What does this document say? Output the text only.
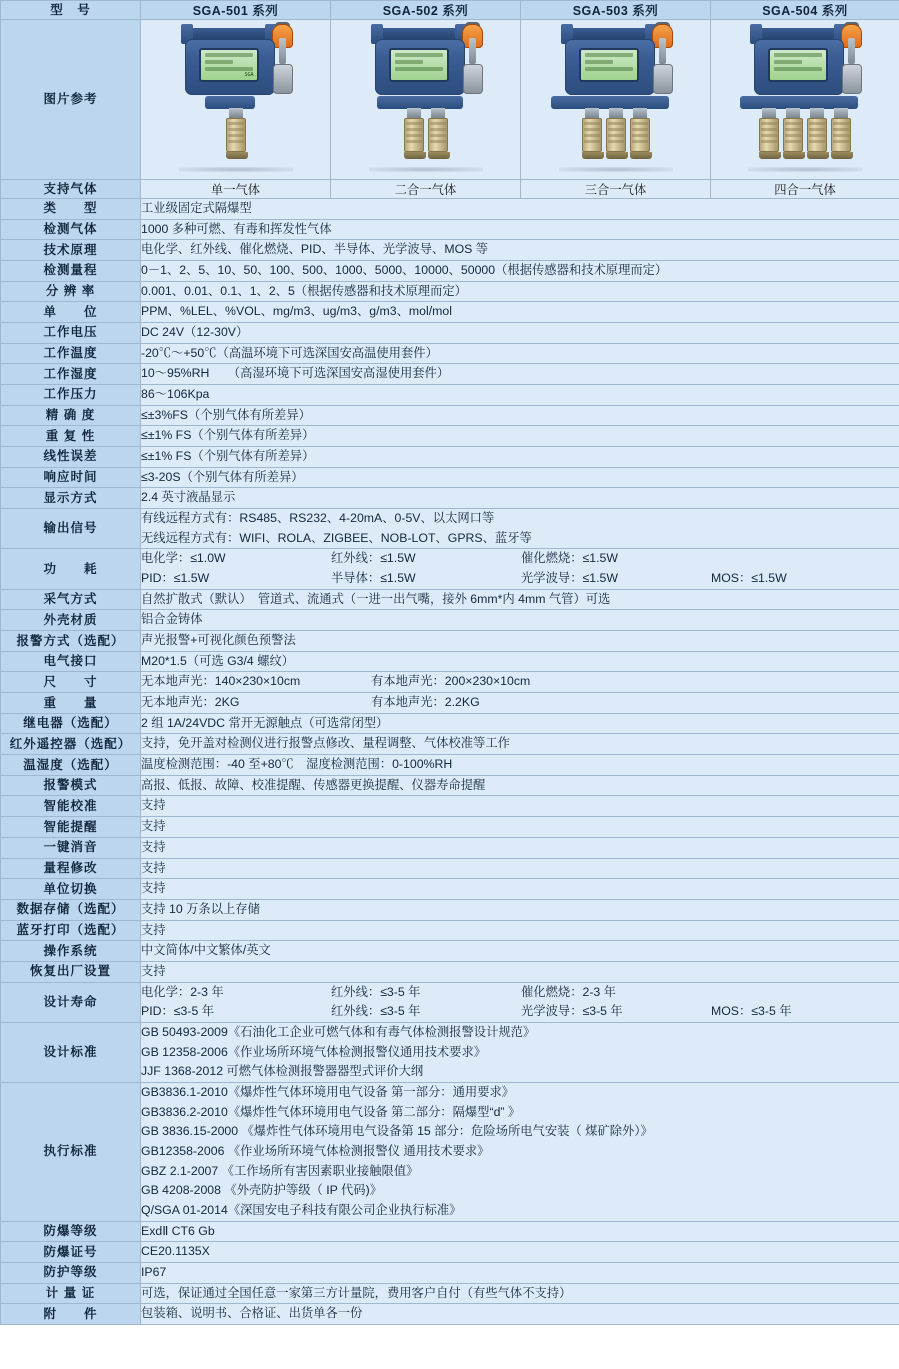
型　号	SGA-501 系列	SGA-502 系列	SGA-503 系列	SGA-504 系列
图片参考	SGA			

支持气体	单一气体	二合一气体	三合一气体	四合一气体
类　　型	工业级固定式隔爆型			
检测气体	1000 多种可燃、有毒和挥发性气体			
技术原理	电化学、红外线、催化燃烧、PID、半导体、光学波导、MOS 等			
检测量程	0－1、2、5、10、50、100、500、1000、5000、10000、50000（根据传感器和技术原理而定）			
分 辨 率	0.001、0.01、0.1、1、2、5（根据传感器和技术原理而定）			
单　　位	PPM、%LEL、%VOL、mg/m3、ug/m3、g/m3、mol/mol			
工作电压	DC 24V（12-30V）			
工作温度	-20℃～+50℃（高温环境下可选深国安高温使用套件）			
工作湿度	10～95%RH　　（高湿环境下可选深国安高湿使用套件）			
工作压力	86～106Kpa			
精 确 度	≤±3%FS（个别气体有所差异）			
重 复 性	≤±1% FS（个别气体有所差异）			
线性误差	≤±1% FS（个别气体有所差异）			
响应时间	≤3-20S（个别气体有所差异）			
显示方式	2.4 英寸液晶显示			
输出信号	有线远程方式有：RS485、RS232、4-20mA、0-5V、以太网口等
无线远程方式有：WIFI、ROLA、ZIGBEE、NOB-LOT、GPRS、蓝牙等			

功　　耗	
电化学：≤1.0W	红外线：≤1.5W	催化燃烧：≤1.5W
PID：≤1.5W	半导体：≤1.5W	光学波导：≤1.5W	MOS：≤1.5W

采气方式	自然扩散式（默认）　管道式、流通式（一进一出气嘴，接外 6mm*内 4mm 气管）可选			
外壳材质	铝合金铸体			
报警方式（选配）	声光报警+可视化颜色预警法			
电气接口	M20*1.5（可选 G3/4 螺纹）			
尺　　寸	无本地声光：140×230×10cm 有本地声光：200×230×10cm			

重　　量	无本地声光：2KG 有本地声光：2.2KG			

继电器（选配）	2 组 1A/24VDC 常开无源触点（可选常闭型）			
红外遥控器（选配）	支持，免开盖对检测仪进行报警点修改、量程调整、气体校准等工作			
温湿度（选配）	温度检测范围：-40 至+80℃　湿度检测范围：0-100%RH			
报警模式	高报、低报、故障、校准提醒、传感器更换提醒、仪器寿命提醒			
智能校准	支持			
智能提醒	支持			
一键消音	支持			
量程修改	支持			
单位切换	支持			
数据存储（选配）	支持 10 万条以上存储			
蓝牙打印（选配）	支持			
操作系统	中文简体/中文繁体/英文			
恢复出厂设置	支持			
设计寿命	
电化学：2-3 年	红外线：≤3-5 年	催化燃烧：2-3 年
PID：≤3-5 年	红外线：≤3-5 年	光学波导：≤3-5 年	MOS：≤3-5 年

设计标准	GB 50493-2009《石油化工企业可燃气体和有毒气体检测报警设计规范》
GB 12358-2006《作业场所环境气体检测报警仪通用技术要求》
JJF 1368-2012 可燃气体检测报警器器型式评价大纲			

执行标准	
GB3836.1-2010《爆炸性气体环境用电气设备 第一部分：通用要求》
GB3836.2-2010《爆炸性气体环境用电气设备 第二部分：隔爆型“d” 》
GB 3836.15-2000 《爆炸性气体环境用电气设备第 15 部分：危险场所电气安装（ 煤矿除外）》
GB12358-2006 《作业场所环境气体检测报警仪 通用技术要求》
GBZ 2.1-2007 《工作场所有害因素职业接触限值》
GB 4208-2008 《外壳防护等级（ IP 代码)》
Q/SGA 01-2014《深国安电子科技有限公司企业执行标准》

防爆等级	ExdⅡ CT6 Gb			
防爆证号	CE20.1135X			
防护等级	IP67			
计 量 证	可选，保证通过全国任意一家第三方计量院，费用客户自付（有些气体不支持）			
附　　件	包装箱、说明书、合格证、出货单各一份			
